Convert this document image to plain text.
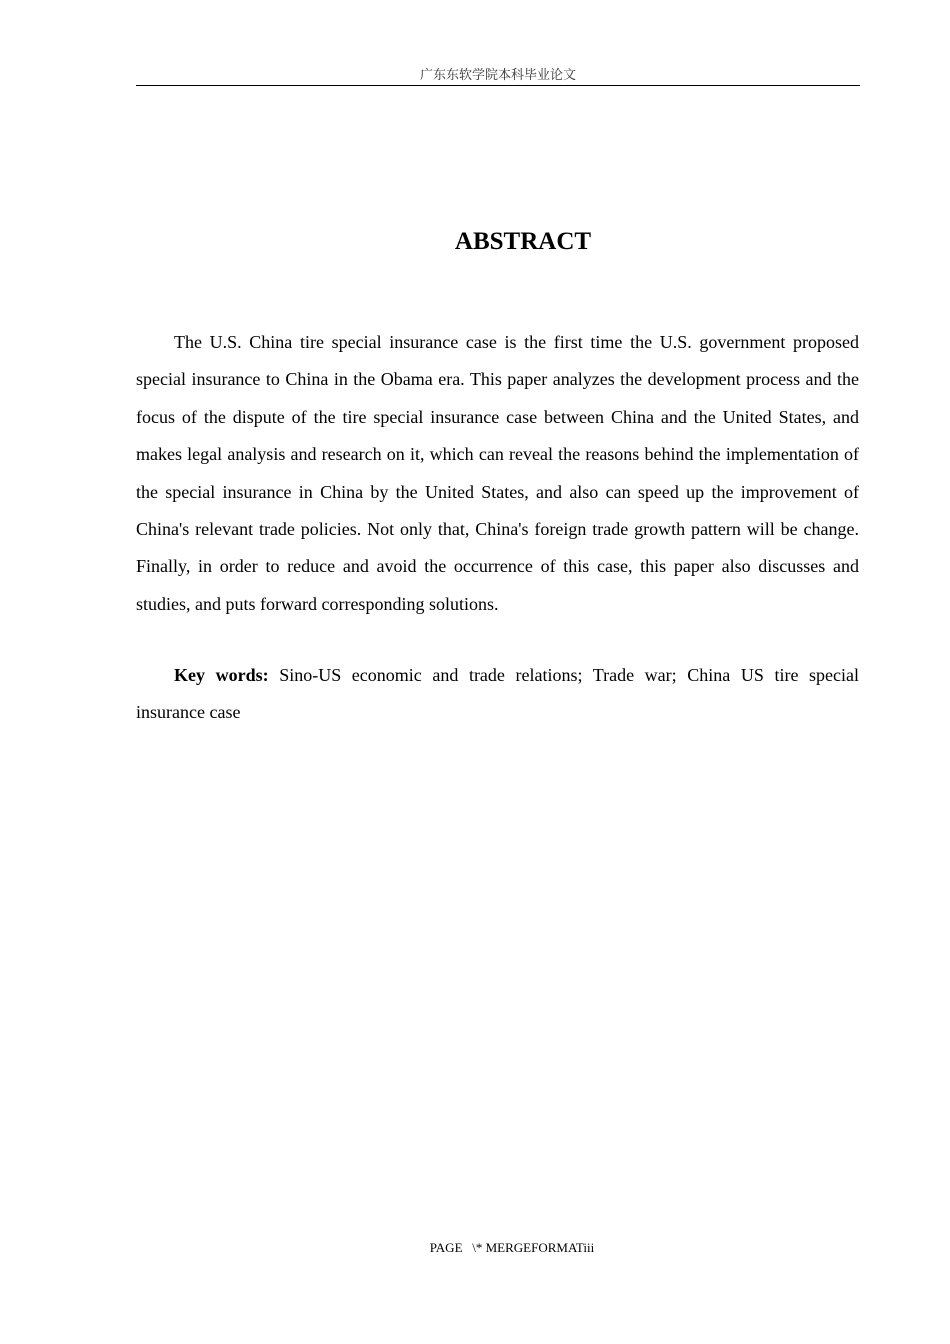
广东东软学院本科毕业论文
ABSTRACT

The U.S. China tire special insurance case is the first time the U.S. government proposed special insurance to China in the Obama era. This paper analyzes the development process and the focus of the dispute of the tire special insurance case between China and the United States, and makes legal analysis and research on it, which can reveal the reasons behind the implementation of the special insurance in China by the United States, and also can speed up the improvement of China's relevant trade policies. Not only that, China's foreign trade growth pattern will be change. Finally, in order to reduce and avoid the occurrence of this case, this paper also discusses and studies, and puts forward corresponding solutions.

Key words: Sino-US economic and trade relations; Trade war; China US tire special insurance case

PAGE   \* MERGEFORMATiii
